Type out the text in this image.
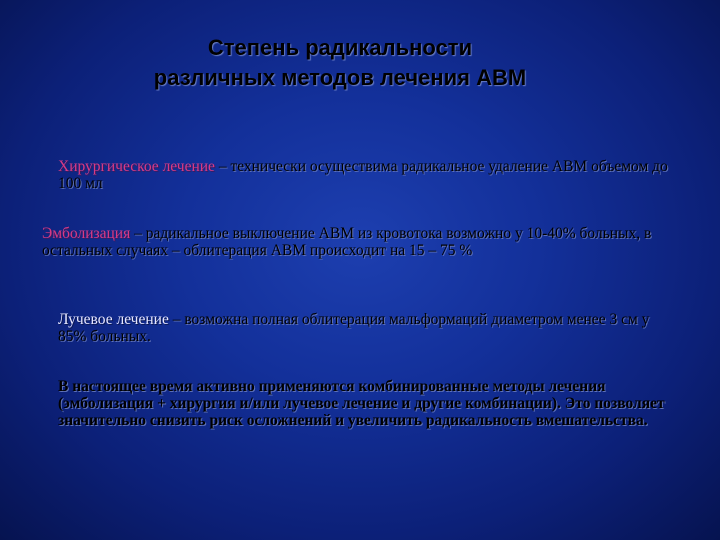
Степень радикальности
различных методов лечения АВМ
Хирургическое лечение – технически осуществима радикальное удаление АВМ объемом до 100 мл
Эмболизация – радикальное выключение АВМ из кровотока возможно у 10-40% больных, в остальных случаях – облитерация АВМ происходит на 15 – 75 %
Лучевое лечение – возможна полная облитерация мальформаций диаметром менее 3 см у 85% больных.
В настоящее время активно применяются комбинированные методы лечения (эмболизация + хирургия и/или лучевое лечение и другие комбинации). Это позволяет значительно снизить риск осложнений и увеличить радикальность вмешательства.
